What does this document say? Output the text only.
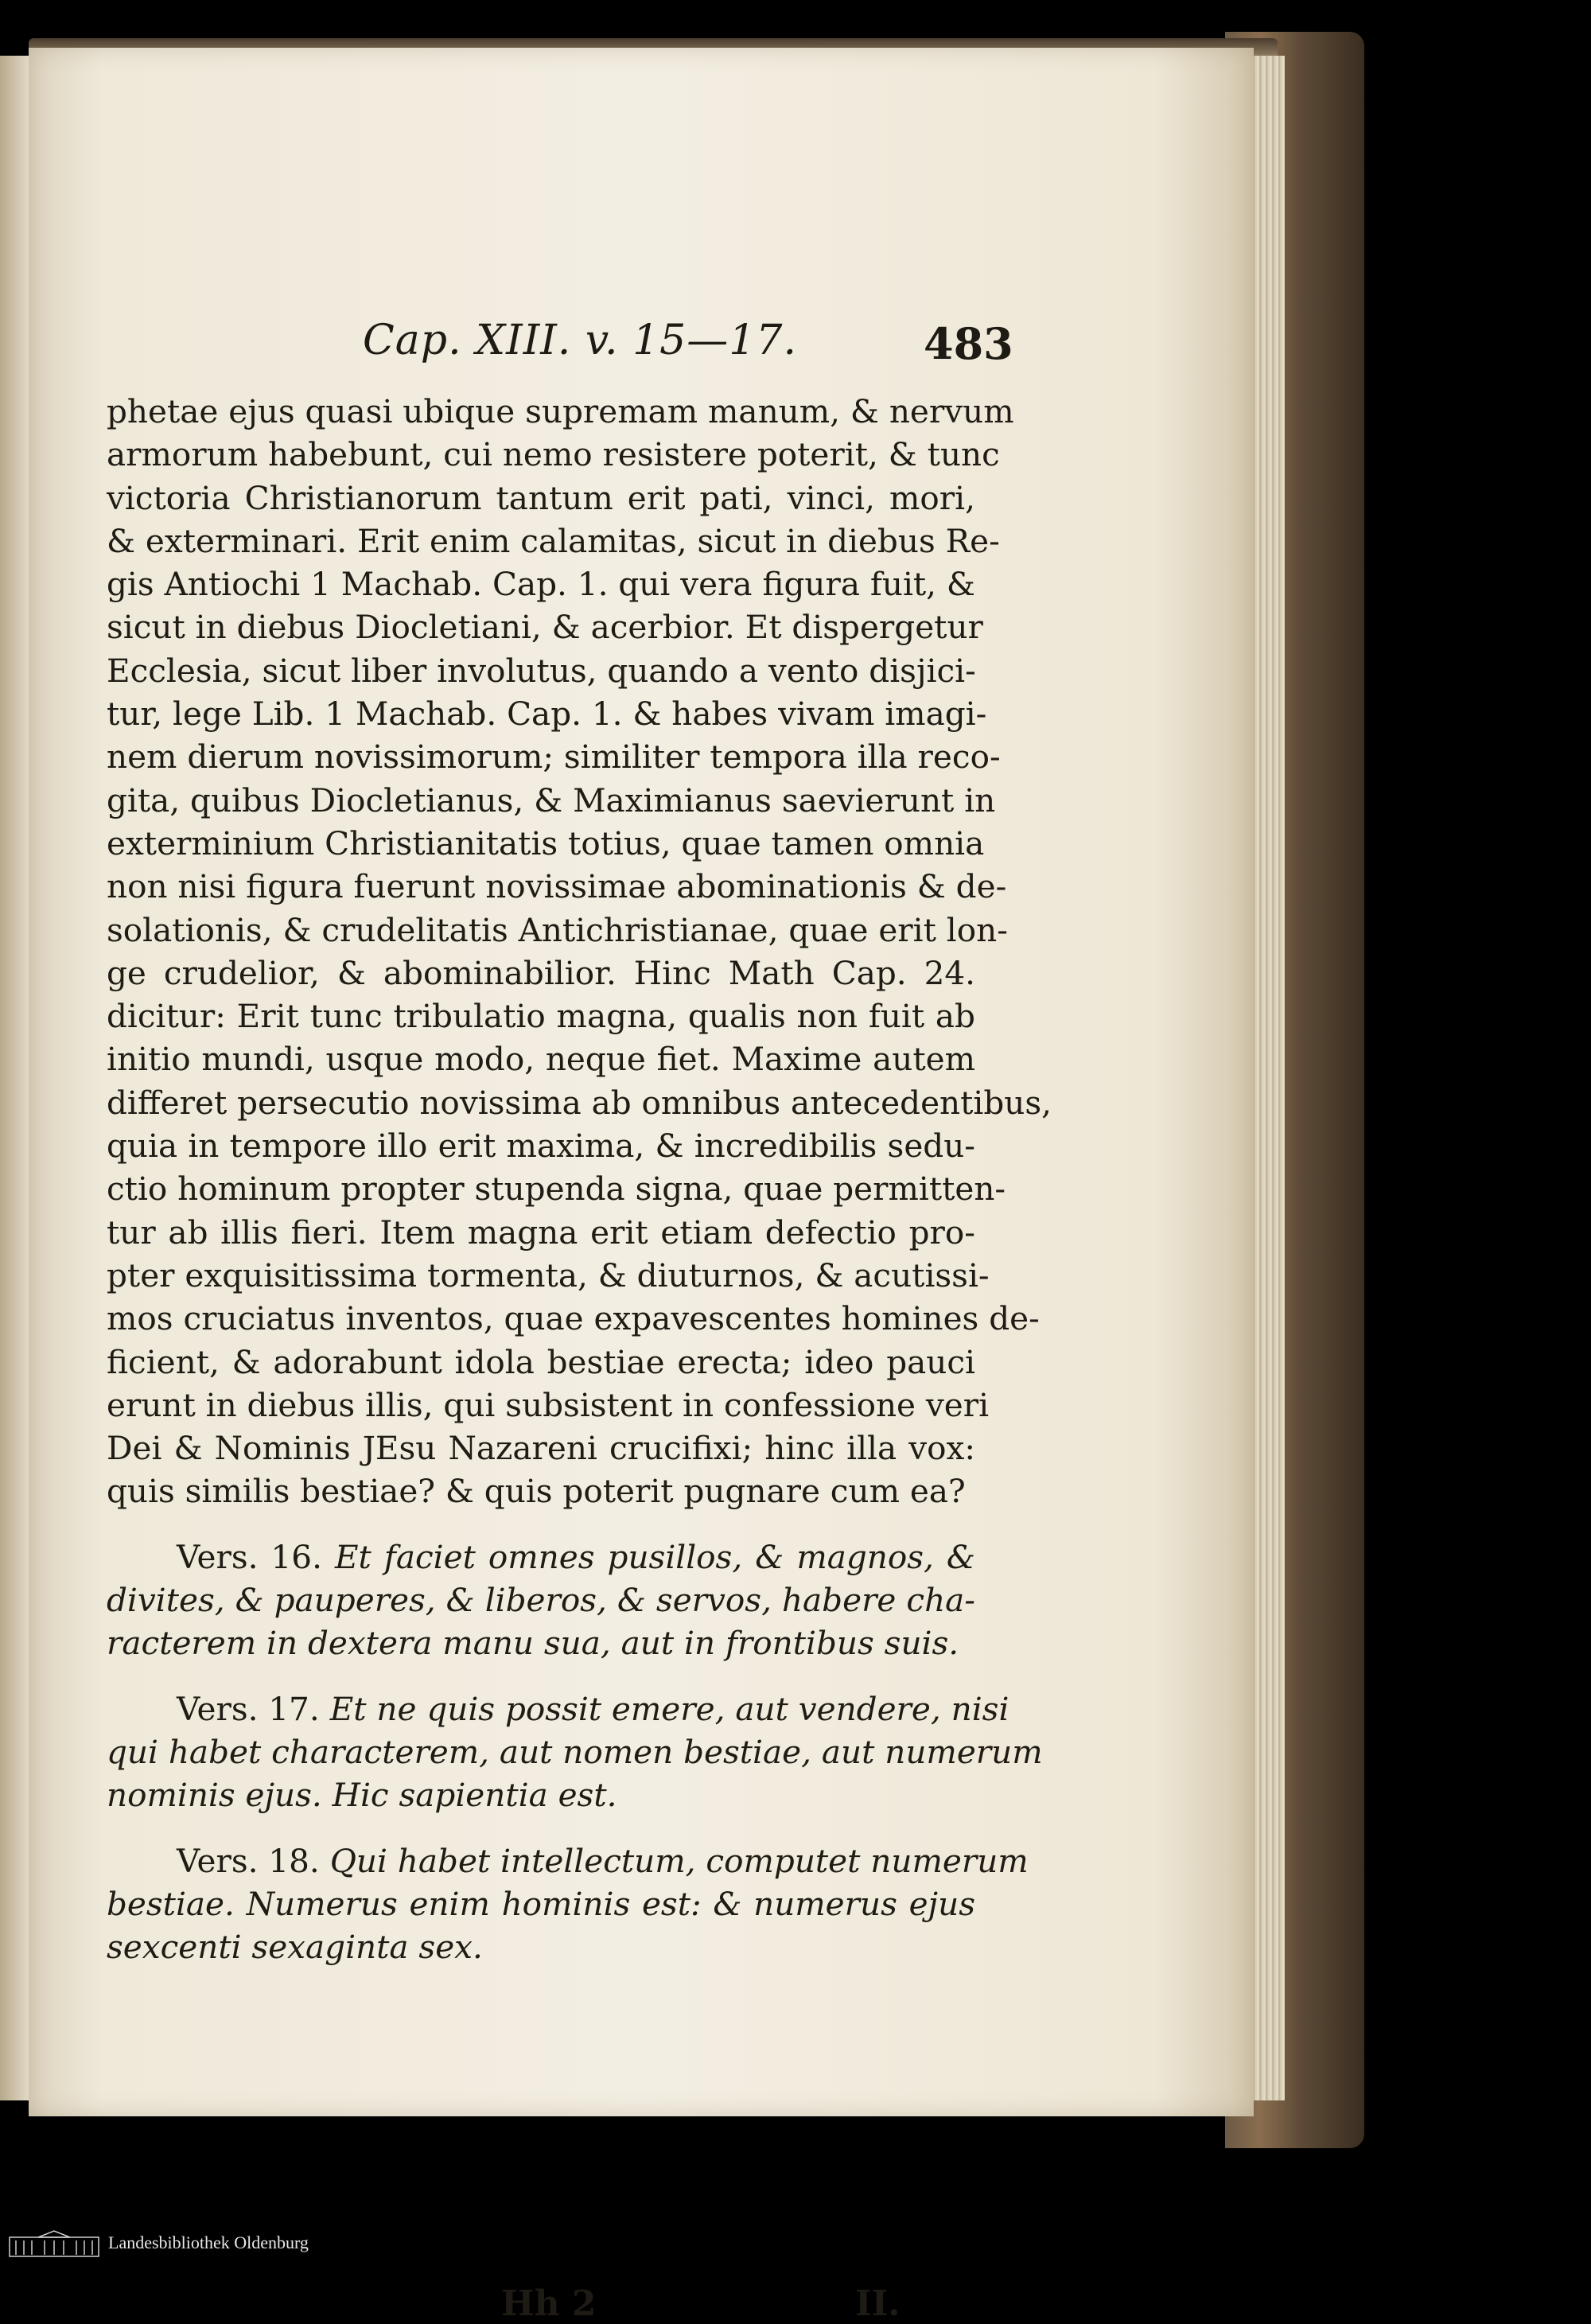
Cap. XIII. v. 15—17.	483
phetae ejus quasi ubique supremam manum, & nervum
armorum habebunt, cui nemo resistere poterit, & tunc
victoria Christianorum tantum erit pati, vinci, mori,
& exterminari. Erit enim calamitas, sicut in diebus Re-
gis Antiochi 1 Machab. Cap. 1. qui vera figura fuit, &
sicut in diebus Diocletiani, & acerbior. Et dispergetur
Ecclesia, sicut liber involutus, quando a vento disjici-
tur, lege Lib. 1 Machab. Cap. 1. & habes vivam imagi-
nem dierum novissimorum; similiter tempora illa reco-
gita, quibus Diocletianus, & Maximianus saevierunt in
exterminium Christianitatis totius, quae tamen omnia
non nisi figura fuerunt novissimae abominationis & de-
solationis, & crudelitatis Antichristianae, quae erit lon-
ge crudelior, & abominabilior. Hinc Math Cap. 24.
dicitur: Erit tunc tribulatio magna, qualis non fuit ab
initio mundi, usque modo, neque fiet. Maxime autem
differet persecutio novissima ab omnibus antecedentibus,
quia in tempore illo erit maxima, & incredibilis sedu-
ctio hominum propter stupenda signa, quae permitten-
tur ab illis fieri. Item magna erit etiam defectio pro-
pter exquisitissima tormenta, & diuturnos, & acutissi-
mos cruciatus inventos, quae expavescentes homines de-
ficient, & adorabunt idola bestiae erecta; ideo pauci
erunt in diebus illis, qui subsistent in confessione veri
Dei & Nominis JEsu Nazareni crucifixi; hinc illa vox:
quis similis bestiae? & quis poterit pugnare cum ea?
Vers. 16. Et faciet omnes pusillos, & magnos, &
divites, & pauperes, & liberos, & servos, habere cha-
racterem in dextera manu sua, aut in frontibus suis.
Vers. 17. Et ne quis possit emere, aut vendere, nisi
qui habet characterem, aut nomen bestiae, aut numerum
nominis ejus. Hic sapientia est.
Vers. 18. Qui habet intellectum, computet numerum
bestiae. Numerus enim hominis est: & numerus ejus
sexcenti sexaginta sex.
Hh 2	II.
Landesbibliothek Oldenburg
